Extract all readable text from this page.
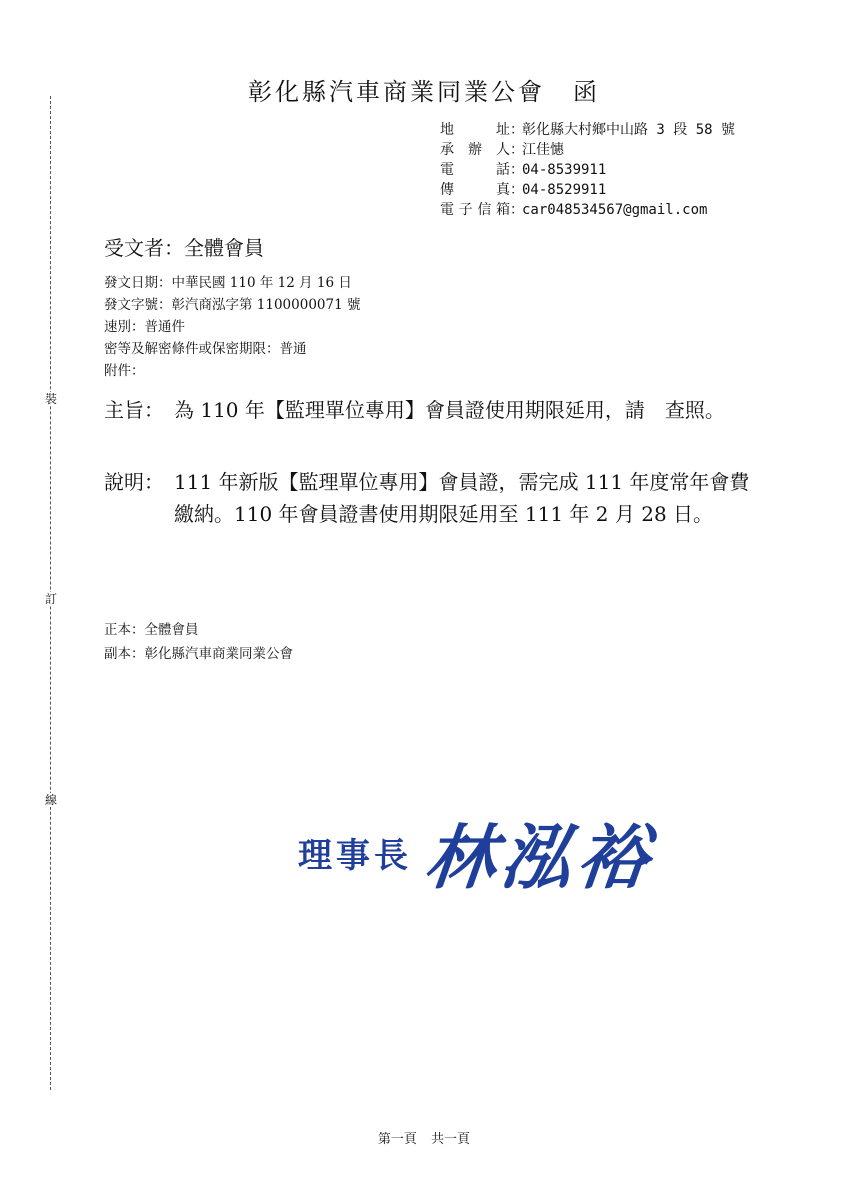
裝
訂
線
彰化縣汽車商業同業公會 函
地　　址 ：
彰化縣大村鄉中山路 3 段 58 號
承 辦 人 ：
江佳憓
電　　話 ：
04-8539911
傳　　真 ：
04-8529911
電子信箱 ：
car048534567@gmail.com
受文者：全體會員
發文日期：中華民國 110 年 12 月 16 日
發文字號：彰汽商泓字第 1100000071 號
速別：普通件
密等及解密條件或保密期限：普通
附件：
主旨： 為 110 年【監理單位專用】會員證使用期限延用，請　查照。
說明： 111 年新版【監理單位專用】會員證，需完成 111 年度常年會費繳納。110 年會員證書使用期限延用至 111 年 2 月 28 日。
正本：全體會員
副本：彰化縣汽車商業同業公會
理事長 林泓裕
第一頁 共一頁
